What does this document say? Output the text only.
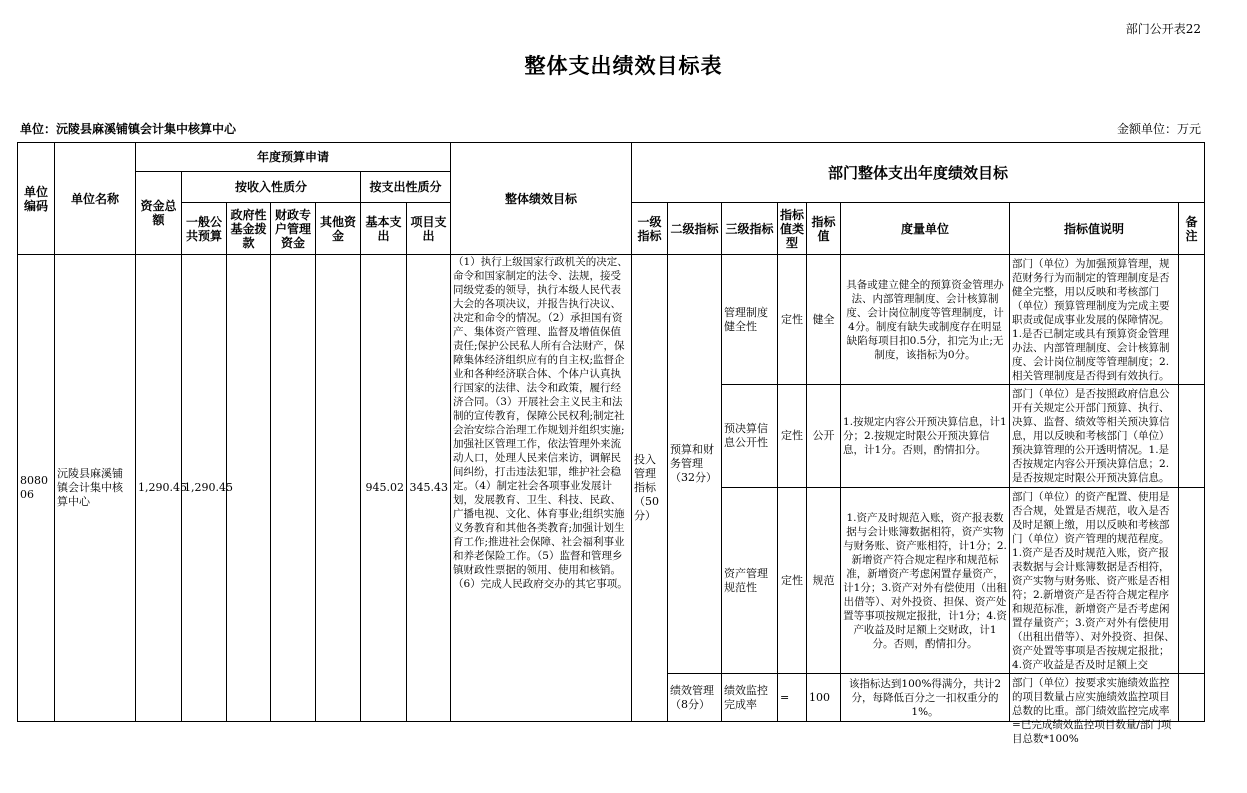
部门公开表22
整体支出绩效目标表
单位：沅陵县麻溪铺镇会计集中核算中心	金额单位：万元
单位编码	单位名称	年度预算申请							整体绩效目标	部门整体支出年度绩效目标							
		资金总额	按收入性质分				按支出性质分										
			一般公共预算	政府性基金拨款	财政专户管理资金	其他资金	基本支出	项目支出		一级指标	二级指标	三级指标	指标值类型	指标值	度量单位	指标值说明	备注
808006	沅陵县麻溪铺镇会计集中核算中心	1,290.45	1,290.45				945.02	345.43	（1）执行上级国家行政机关的决定、命令和国家制定的法令、法规，接受同级党委的领导，执行本级人民代表大会的各项决议，并报告执行决议、决定和命令的情况。（2）承担国有资产、集体资产管理、监督及增值保值责任;保护公民私人所有合法财产，保障集体经济组织应有的自主权;监督企业和各种经济联合体、个体户认真执行国家的法律、法令和政策，履行经济合同。（3）开展社会主义民主和法制的宣传教育，保障公民权利;制定社会治安综合治理工作规划并组织实施;加强社区管理工作，依法管理外来流动人口，处理人民来信来访，调解民间纠纷，打击违法犯罪，维护社会稳定。（4）制定社会各项事业发展计划，发展教育、卫生、科技、民政、广播电视、文化、体育事业;组织实施义务教育和其他各类教育;加强计划生育工作;推进社会保障、社会福利事业和养老保险工作。（5）监督和管理乡镇财政性票据的领用、使用和核销。（6）完成人民政府交办的其它事项。	投入管理指标（50分）	预算和财务管理（32分）	管理制度健全性	定性	健全	具备或建立健全的预算资金管理办法、内部管理制度、会计核算制度、会计岗位制度等管理制度，计4分。制度有缺失或制度存在明显缺陷每项目扣0.5分，扣完为止;无制度，该指标为0分。	部门（单位）为加强预算管理，规范财务行为而制定的管理制度是否健全完整，用以反映和考核部门（单位）预算管理制度为完成主要职责或促成事业发展的保障情况。1.是否已制定或具有预算资金管理办法、内部管理制度、会计核算制度、会计岗位制度等管理制度；2.相关管理制度是否得到有效执行。	

												预决算信息公开性	定性	公开	1.按规定内容公开预决算信息，计1分；2.按规定时限公开预决算信息，计1分。否则，酌情扣分。	部门（单位）是否按照政府信息公开有关规定公开部门预算、执行、决算、监督、绩效等相关预决算信息，用以反映和考核部门（单位）预决算管理的公开透明情况。1.是否按规定内容公开预决算信息；2.是否按规定时限公开预决算信息。	

												资产管理规范性	定性	规范	1.资产及时规范入账，资产报表数据与会计账簿数据相符，资产实物与财务账、资产账相符，计1分；2.新增资产符合规定程序和规范标准，新增资产考虑闲置存量资产，计1分；3.资产对外有偿使用（出租出借等）、对外投资、担保、资产处置等事项按规定报批，计1分；4.资产收益及时足额上交财政，计1分。否则，酌情扣分。	部门（单位）的资产配置、使用是否合规，处置是否规范，收入是否及时足额上缴，用以反映和考核部门（单位）资产管理的规范程度。1.资产是否及时规范入账，资产报表数据与会计账簿数据是否相符，资产实物与财务账、资产账是否相符；2.新增资产是否符合规定程序和规范标准，新增资产是否考虑闲置存量资产；3.资产对外有偿使用（出租出借等）、对外投资、担保、资产处置等事项是否按规定报批；4.资产收益是否及时足额上交	

											绩效管理（8分）	绩效监控完成率	=	100	该指标达到100%得满分，共计2分，每降低百分之一扣权重分的1%。	部门（单位）按要求实施绩效监控的项目数量占应实施绩效监控项目总数的比重。部门绩效监控完成率=已完成绩效监控项目数量/部门项目总数*100%	
